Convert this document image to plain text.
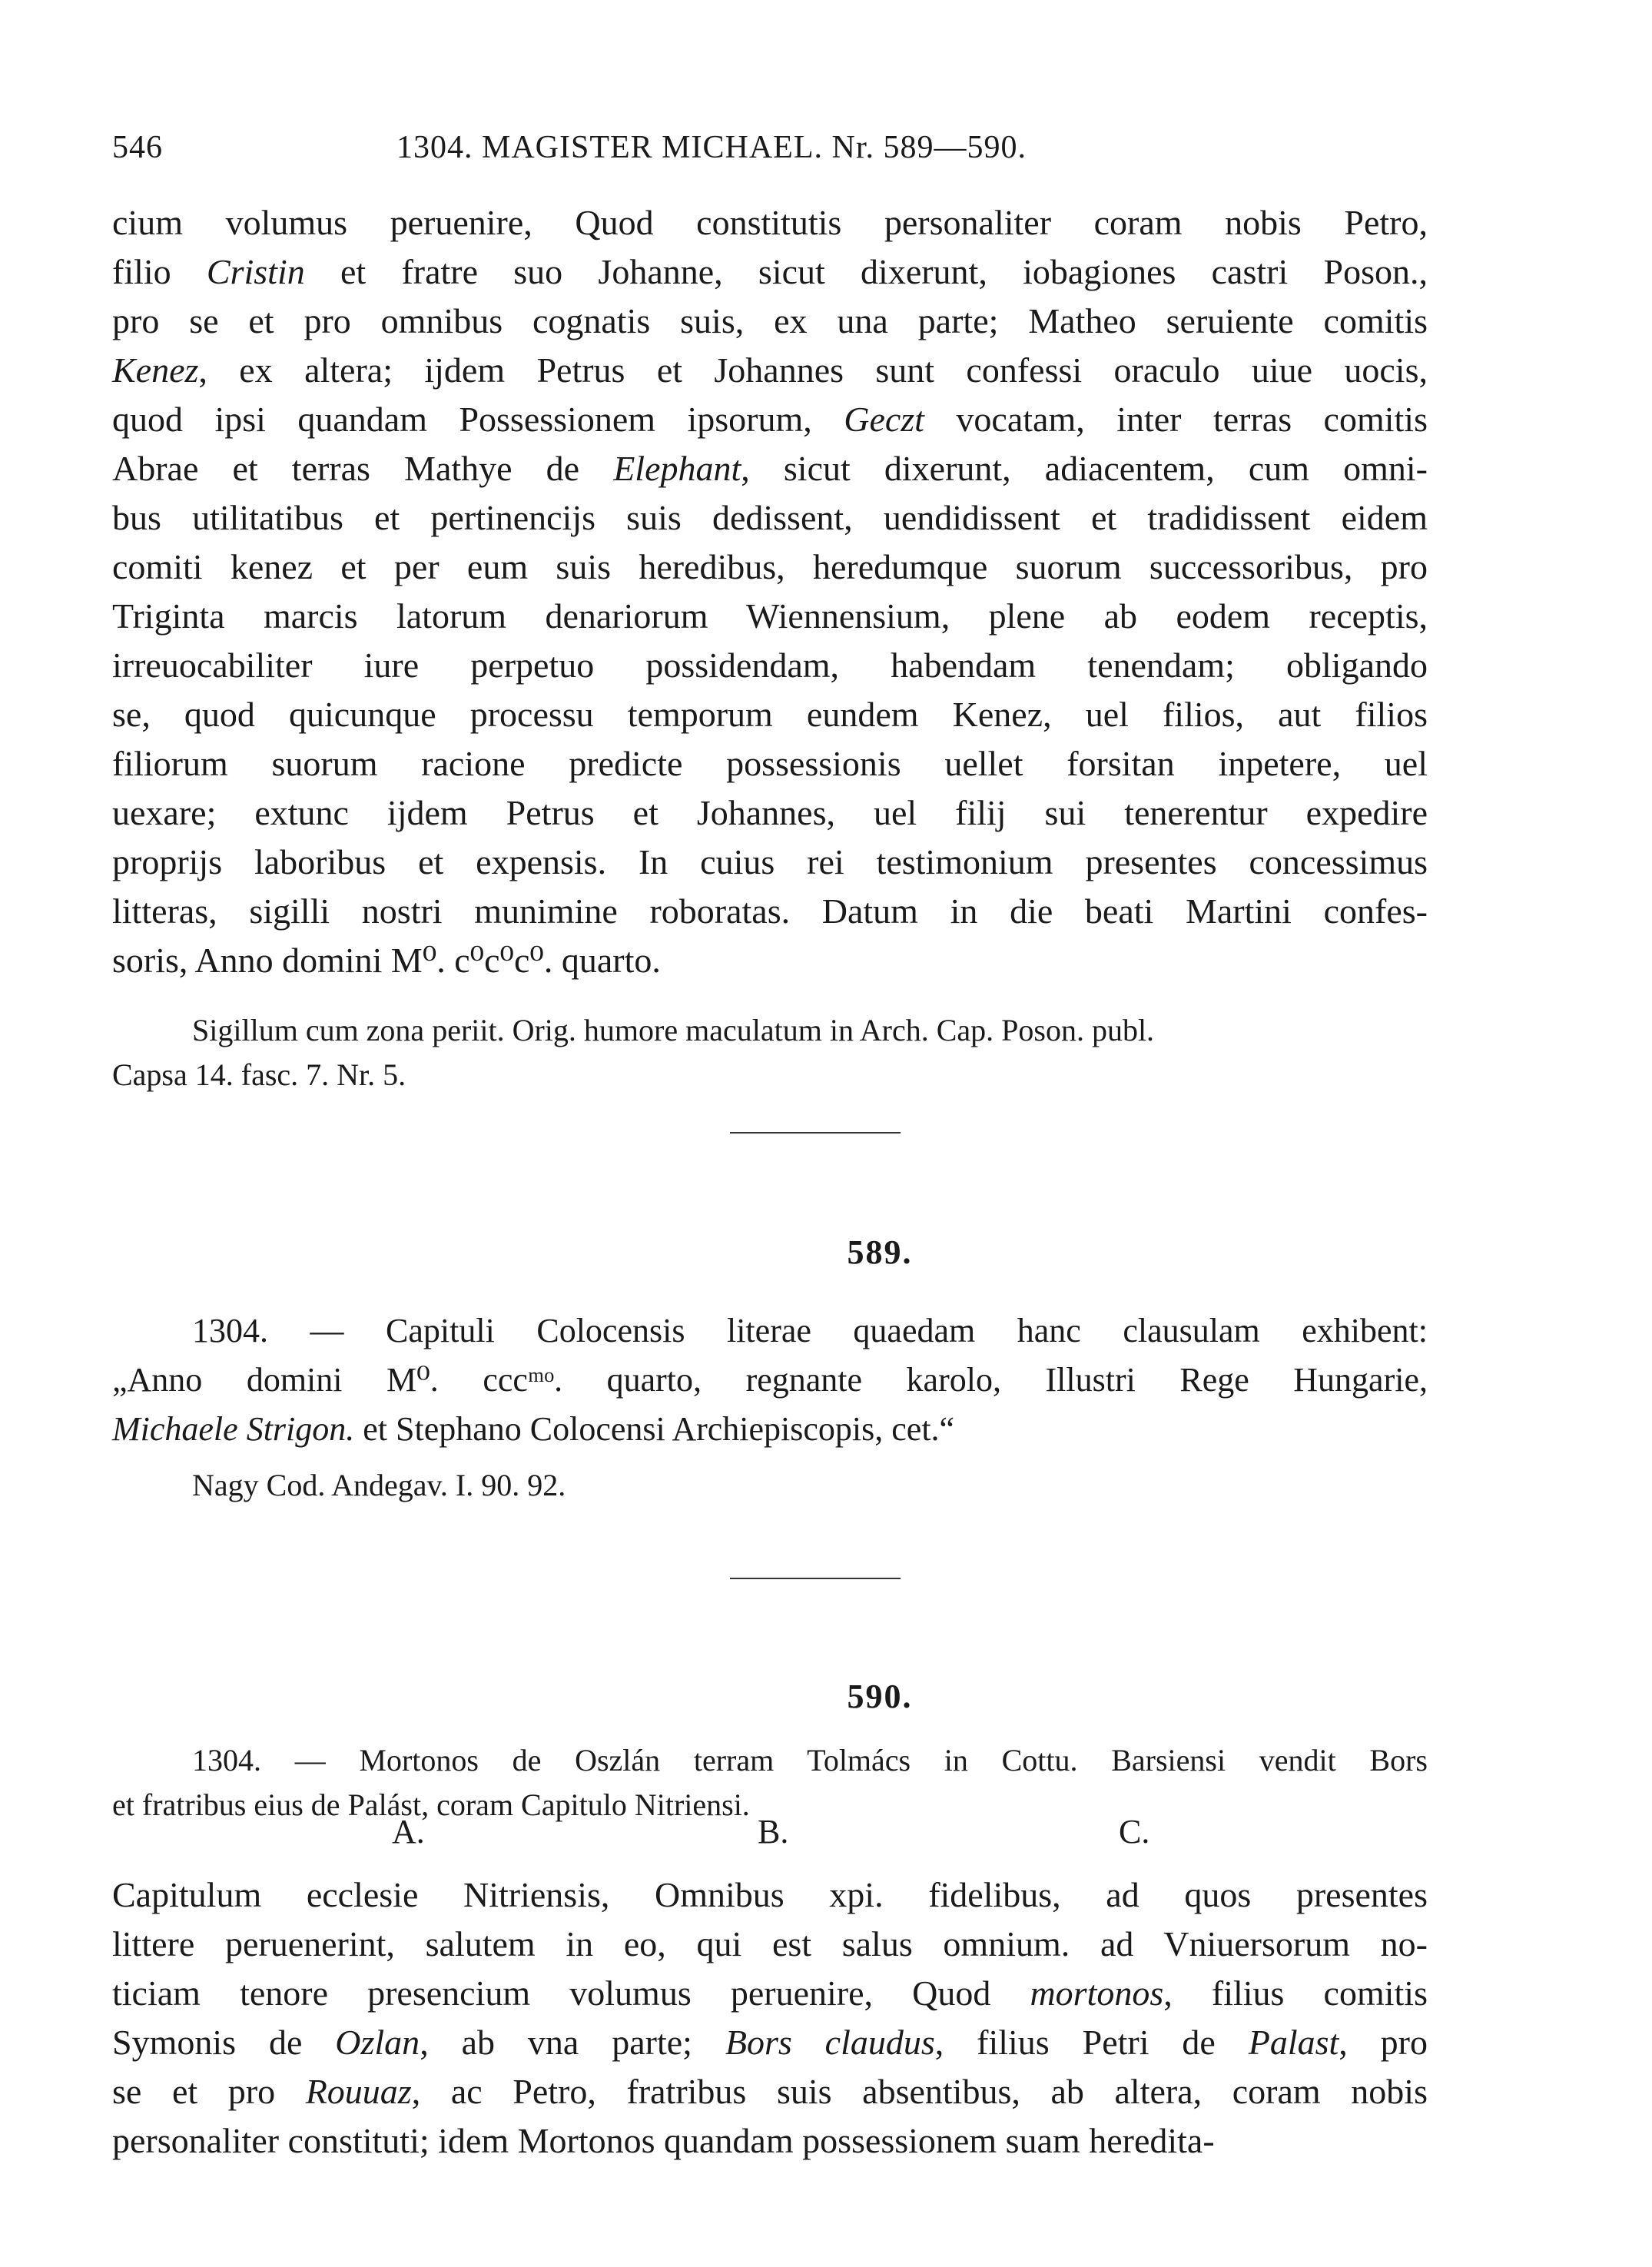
546	1304. MAGISTER MICHAEL. Nr. 589—590.
cium volumus peruenire, Quod constitutis personaliter coram nobis Petro,
filio Cristin et fratre suo Johanne, sicut dixerunt, iobagiones castri Poson.,
pro se et pro omnibus cognatis suis, ex una parte; Matheo seruiente comitis
Kenez, ex altera; ijdem Petrus et Johannes sunt confessi oraculo uiue uocis,
quod ipsi quandam Possessionem ipsorum, Geczt vocatam, inter terras comitis
Abrae et terras Mathye de Elephant, sicut dixerunt, adiacentem, cum omni-
bus utilitatibus et pertinencijs suis dedissent, uendidissent et tradidissent eidem
comiti kenez et per eum suis heredibus, heredumque suorum successoribus, pro
Triginta marcis latorum denariorum Wiennensium, plene ab eodem receptis,
irreuocabiliter iure perpetuo possidendam, habendam tenendam; obligando
se, quod quicunque processu temporum eundem Kenez, uel filios, aut filios
filiorum suorum racione predicte possessionis uellet forsitan inpetere, uel
uexare; extunc ijdem Petrus et Johannes, uel filij sui tenerentur expedire
proprijs laboribus et expensis. In cuius rei testimonium presentes concessimus
litteras, sigilli nostri munimine roboratas. Datum in die beati Martini confes-
soris, Anno domini M⁰. c⁰c⁰c⁰. quarto.
Sigillum cum zona periit. Orig. humore maculatum in Arch. Cap. Poson. publ.
Capsa 14. fasc. 7. Nr. 5.
589.
1304. — Capituli Colocensis literae quaedam hanc clausulam exhibent:
„Anno domini M⁰. cccᵐᵒ. quarto, regnante karolo, Illustri Rege Hungarie,
Michaele Strigon. et Stephano Colocensi Archiepiscopis, cet.“
Nagy Cod. Andegav. I. 90. 92.
590.
1304. — Mortonos de Oszlán terram Tolmács in Cottu. Barsiensi vendit Bors
et fratribus eius de Palást, coram Capitulo Nitriensi.
A.	B.	C.
Capitulum ecclesie Nitriensis, Omnibus xpi. fidelibus, ad quos presentes
littere peruenerint, salutem in eo, qui est salus omnium. ad Vniuersorum no-
ticiam tenore presencium volumus peruenire, Quod mortonos, filius comitis
Symonis de Ozlan, ab vna parte; Bors claudus, filius Petri de Palast, pro
se et pro Rouuaz, ac Petro, fratribus suis absentibus, ab altera, coram nobis
personaliter constituti; idem Mortonos quandam possessionem suam heredita-
